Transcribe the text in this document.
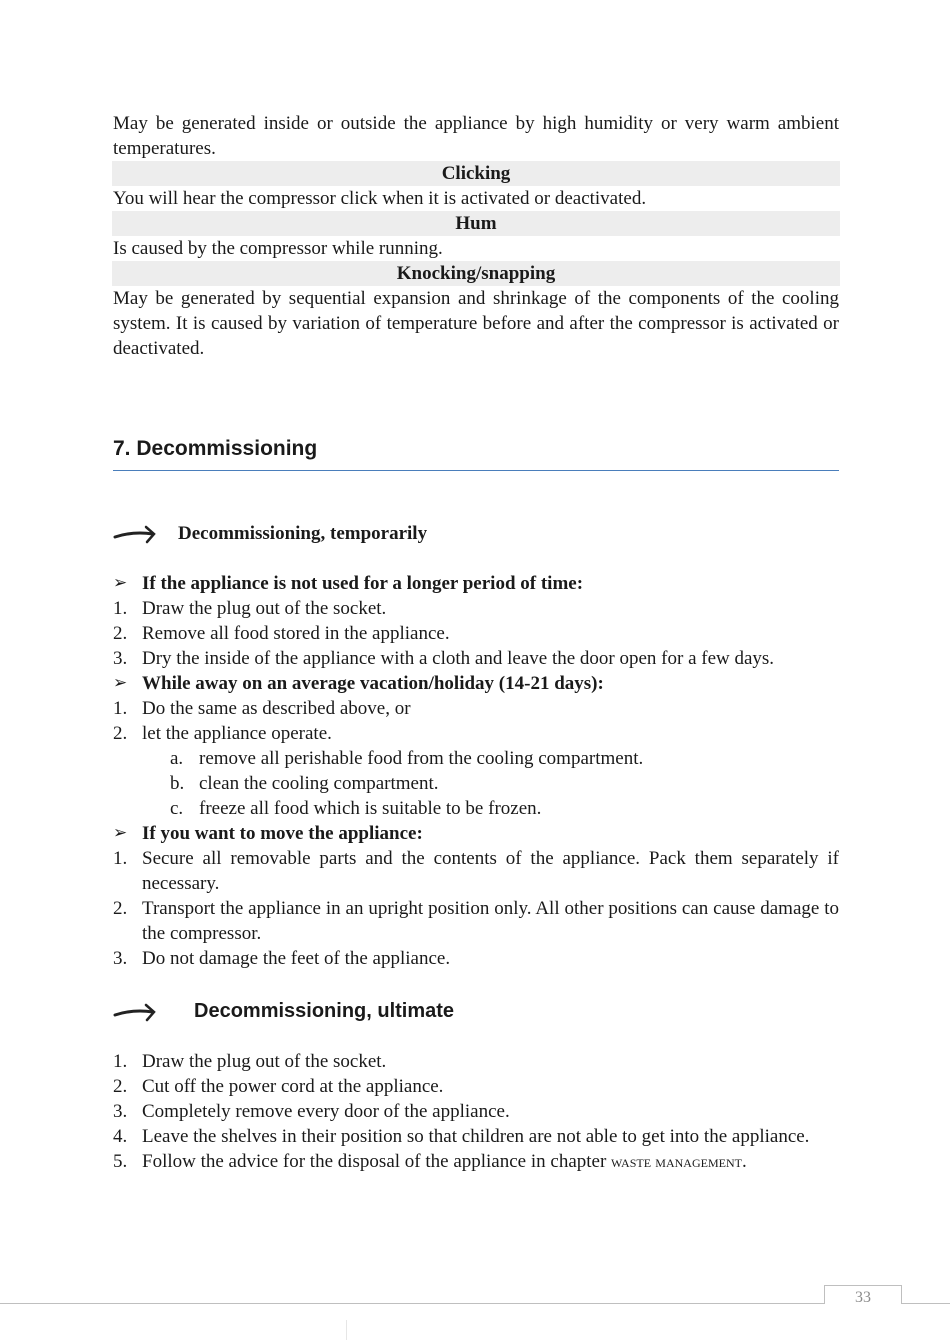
May be generated inside or outside the appliance by high humidity or very warm ambient temperatures.
Clicking
You will hear the compressor click when it is activated or deactivated.
Hum
Is caused by the compressor while running.
Knocking/snapping
May be generated by sequential expansion and shrinkage of the components of the cooling system. It is caused by variation of temperature before and after the compressor is activated or deactivated.
7. Decommissioning
Decommissioning, temporarily
➢ If the appliance is not used for a longer period of time:
1. Draw the plug out of the socket.
2. Remove all food stored in the appliance.
3. Dry the inside of the appliance with a cloth and leave the door open for a few days.
➢ While away on an average vacation/holiday (14-21 days):
1. Do the same as described above, or
2. let the appliance operate.
a. remove all perishable food from the cooling compartment.
b. clean the cooling compartment.
c. freeze all food which is suitable to be frozen.
➢ If you want to move the appliance:
1. Secure all removable parts and the contents of the appliance. Pack them separately if necessary.
2. Transport the appliance in an upright position only. All other positions can cause damage to the compressor.
3. Do not damage the feet of the appliance.
Decommissioning, ultimate
1. Draw the plug out of the socket.
2. Cut off the power cord at the appliance.
3. Completely remove every door of the appliance.
4. Leave the shelves in their position so that children are not able to get into the appliance.
5. Follow the advice for the disposal of the appliance in chapter waste management.
33
